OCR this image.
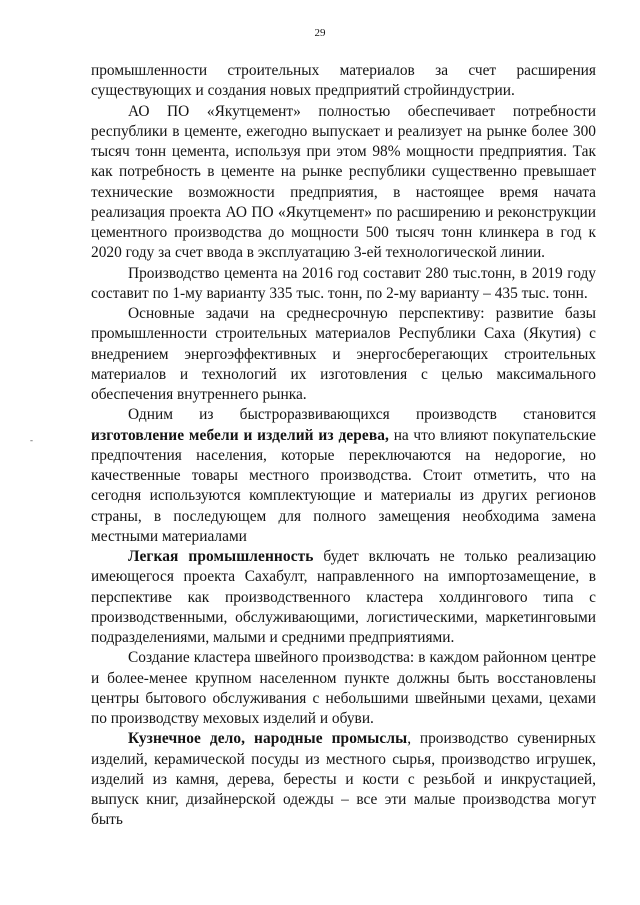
29
-

промышленности строительных материалов за счет расширения существующих и создания новых предприятий стройиндустрии.

АО ПО «Якутцемент» полностью обеспечивает потребности республики в цементе, ежегодно выпускает и реализует на рынке более 300 тысяч тонн цемента, используя при этом 98% мощности предприятия. Так как потребность в цементе на рынке республики существенно превышает технические возможности предприятия, в настоящее время начата реализация проекта АО ПО «Якутцемент» по расширению и реконструкции цементного производства до мощности 500 тысяч тонн клинкера в год к 2020 году за счет ввода в эксплуатацию 3-ей технологической линии.

Производство цемента на 2016 год составит 280 тыс.тонн, в 2019 году составит по 1-му варианту 335 тыс. тонн, по 2-му варианту – 435 тыс. тонн.

Основные задачи на среднесрочную перспективу: развитие базы промышленности строительных материалов Республики Саха (Якутия) с внедрением энергоэффективных и энергосберегающих строительных материалов и технологий их изготовления с целью максимального обеспечения внутреннего рынка.

Одним из быстроразвивающихся производств становится изготовление мебели и изделий из дерева, на что влияют покупательские предпочтения населения, которые переключаются на недорогие, но качественные товары местного производства. Стоит отметить, что на сегодня используются комплектующие и материалы из других регионов страны, в последующем для полного замещения необходима замена местными материалами

Легкая промышленность будет включать не только реализацию имеющегося проекта Сахабулт, направленного на импортозамещение, в перспективе как производственного кластера холдингового типа с производственными, обслуживающими, логистическими, маркетинговыми подразделениями, малыми и средними предприятиями.

Создание кластера швейного производства: в каждом районном центре и более-менее крупном населенном пункте должны быть восстановлены центры бытового обслуживания с небольшими швейными цехами, цехами по производству меховых изделий и обуви.

Кузнечное дело, народные промыслы, производство сувенирных изделий, керамической посуды из местного сырья, производство игрушек, изделий из камня, дерева, бересты и кости с резьбой и инкрустацией, выпуск книг, дизайнерской одежды – все эти малые производства могут быть
